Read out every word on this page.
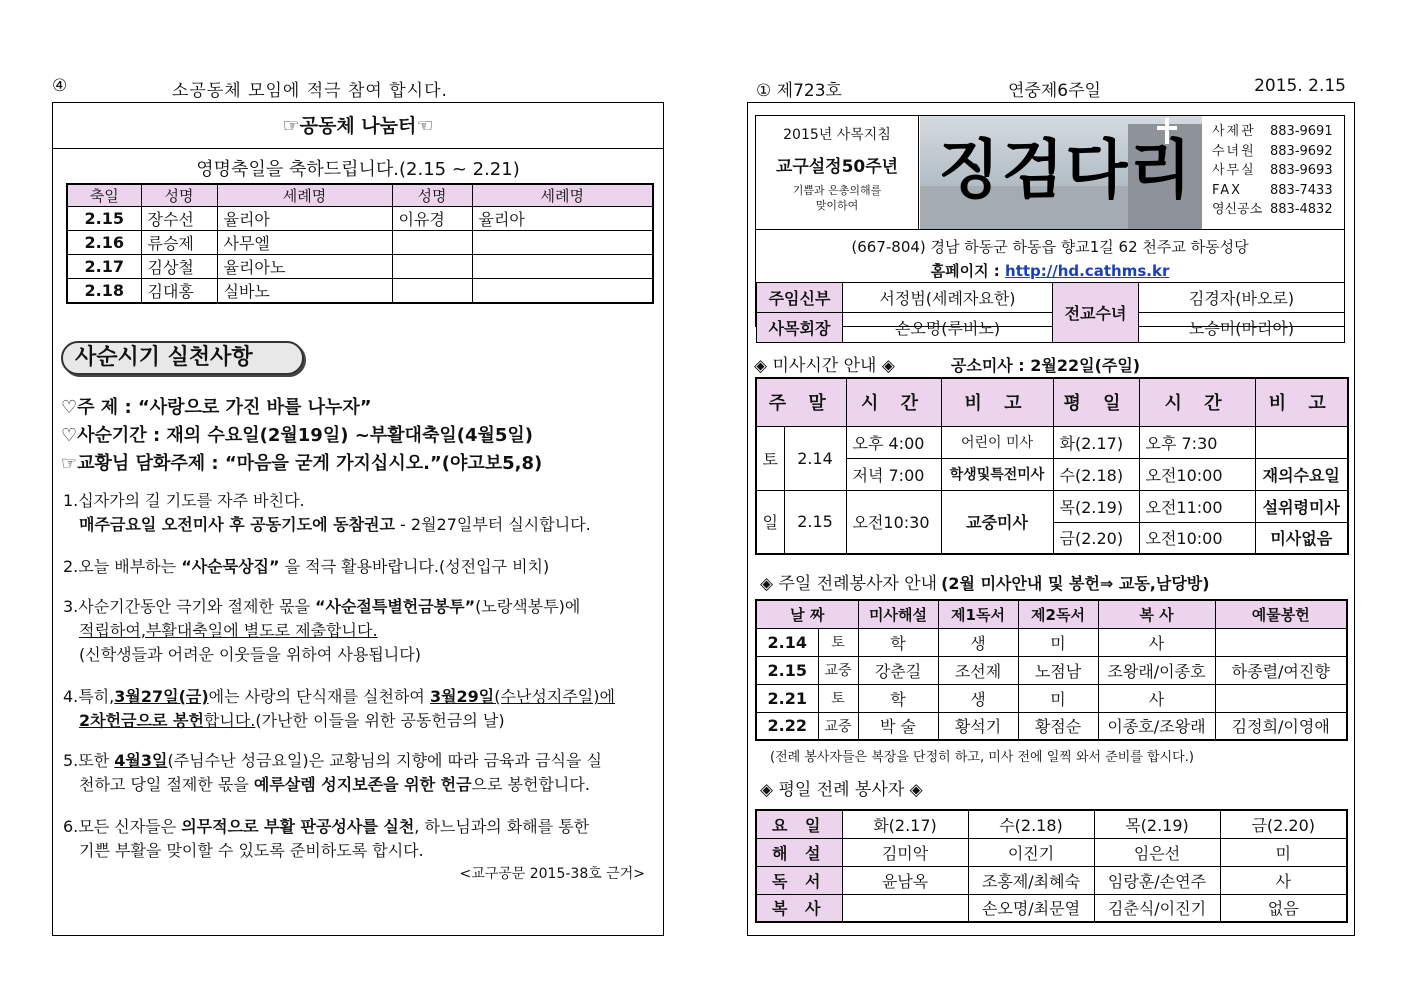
④	소공동체 모임에 적극 참여 합시다.
☞공동체 나눔터☜
영명축일을 축하드립니다.(2.15 ~ 2.21)
축일	성명	세례명	성명	세례명
2.15	장수선	율리아	이유경	율리아
2.16	류승제	사무엘		
2.17	김상철	율리아노		
2.18	김대홍	실바노		
사순시기 실천사항
♡주 제 : “사랑으로 가진 바를 나누자”
♡사순기간 : 재의 수요일(2월19일) ~부활대축일(4월5일)
☞교황님 담화주제 : “마음을 굳게 가지십시오.”(야고보5,8)
1.십자가의 길 기도를 자주 바친다.
매주금요일 오전미사 후 공동기도에 동참권고 - 2월27일부터 실시합니다.
2.오늘 배부하는 “사순묵상집” 을 적극 활용바랍니다.(성전입구 비치)
3.사순기간동안 극기와 절제한 몫을 “사순절특별헌금봉투”(노랑색봉투)에
적립하여,부활대축일에 별도로 제출합니다.
(신학생들과 어려운 이웃들을 위하여 사용됩니다)
4.특히,3월27일(금)에는 사랑의 단식재를 실천하여 3월29일(수난성지주일)에
2차헌금으로 봉헌합니다.(가난한 이들을 위한 공동헌금의 날)
5.또한 4월3일(주님수난 성금요일)은 교황님의 지향에 따라 금육과 금식을 실
천하고 당일 절제한 몫을 예루살렘 성지보존을 위한 헌금으로 봉헌합니다.
6.모든 신자들은 의무적으로 부활 판공성사를 실천, 하느님과의 화해를 통한
기쁜 부활을 맞이할 수 있도록 준비하도록 합시다.
<교구공문 2015-38호 근거>
① 제723호	연중제6주일	2015. 2.15
2015년 사목지침
교구설정50주년
기쁨과 은총의해를
맞이하여	징검다리
사제관 883-9691
수녀원 883-9692
사무실 883-9693
FAX 883-7433
영신공소 883-4832
(667-804) 경남 하동군 하동읍 향교1길 62 천주교 하동성당
홈페이지 : http://hd.cathms.kr
주임신부	서정범(세례자요한)	전교수녀	김경자(바오로)
사목회장	손오명(루비노)		노승미(마리아)
◈ 미사시간 안내 ◈	공소미사 : 2월22일(주일)
주 말		시 간	비 고	평 일	시 간	비 고
토	2.14	오후 4:00	어린이 미사	화(2.17)	오후 7:30	
		저녁 7:00	학생및특전미사	수(2.18)	오전10:00	재의수요일
일	2.15	오전10:30	교중미사	목(2.19)	오전11:00	설위령미사
				금(2.20)	오전10:00	미사없음
◈ 주일 전례봉사자 안내 (2월 미사안내 및 봉헌⇒ 교동,남당방)
날 짜		미사해설	제1독서	제2독서	복 사	예물봉헌
2.14	토	학	생	미	사	
2.15	교중	강춘길	조선제	노점남	조왕래/이종호	하종렬/여진향
2.21	토	학	생	미	사	
2.22	교중	박 술	황석기	황점순	이종호/조왕래	김정희/이영애
(전례 봉사자들은 복장을 단정히 하고, 미사 전에 일찍 와서 준비를 합시다.)
◈ 평일 전례 봉사자 ◈
요 일	화(2.17)	수(2.18)	목(2.19)	금(2.20)
해 설	김미악	이진기	임은선	미
독 서	윤남옥	조홍제/최혜숙	임랑훈/손연주	사
복 사		손오명/최문열	김춘식/이진기	없음
